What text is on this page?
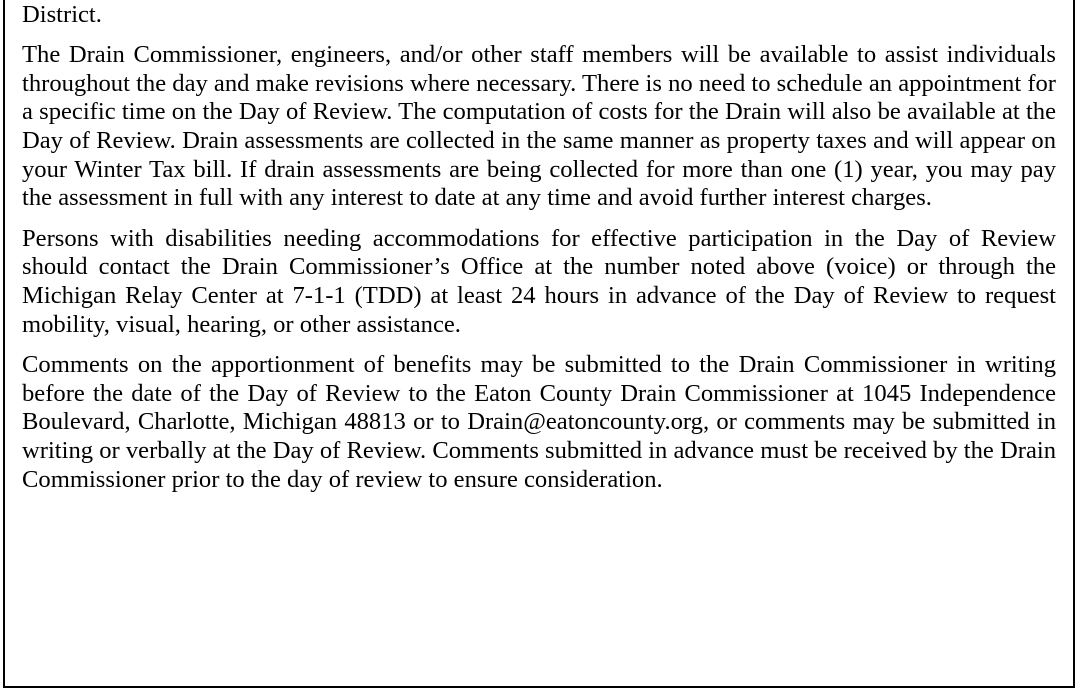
District.

The Drain Commissioner, engineers, and/or other staff members will be available to assist individuals throughout the day and make revisions where necessary. There is no need to schedule an appointment for a specific time on the Day of Review. The computation of costs for the Drain will also be available at the Day of Review. Drain assessments are collected in the same manner as property taxes and will appear on your Winter Tax bill. If drain assessments are being collected for more than one (1) year, you may pay the assessment in full with any interest to date at any time and avoid further interest charges.

Persons with disabilities needing accommodations for effective participation in the Day of Review should contact the Drain Commissioner’s Office at the number noted above (voice) or through the Michigan Relay Center at 7-1-1 (TDD) at least 24 hours in advance of the Day of Review to request mobility, visual, hearing, or other assistance.

Comments on the apportionment of benefits may be submitted to the Drain Commissioner in writing before the date of the Day of Review to the Eaton County Drain Commissioner at 1045 Independence Boulevard, Charlotte, Michigan 48813 or to Drain@eatoncounty.org, or comments may be submitted in writing or verbally at the Day of Review. Comments submitted in advance must be received by the Drain Commissioner prior to the day of review to ensure consideration.
